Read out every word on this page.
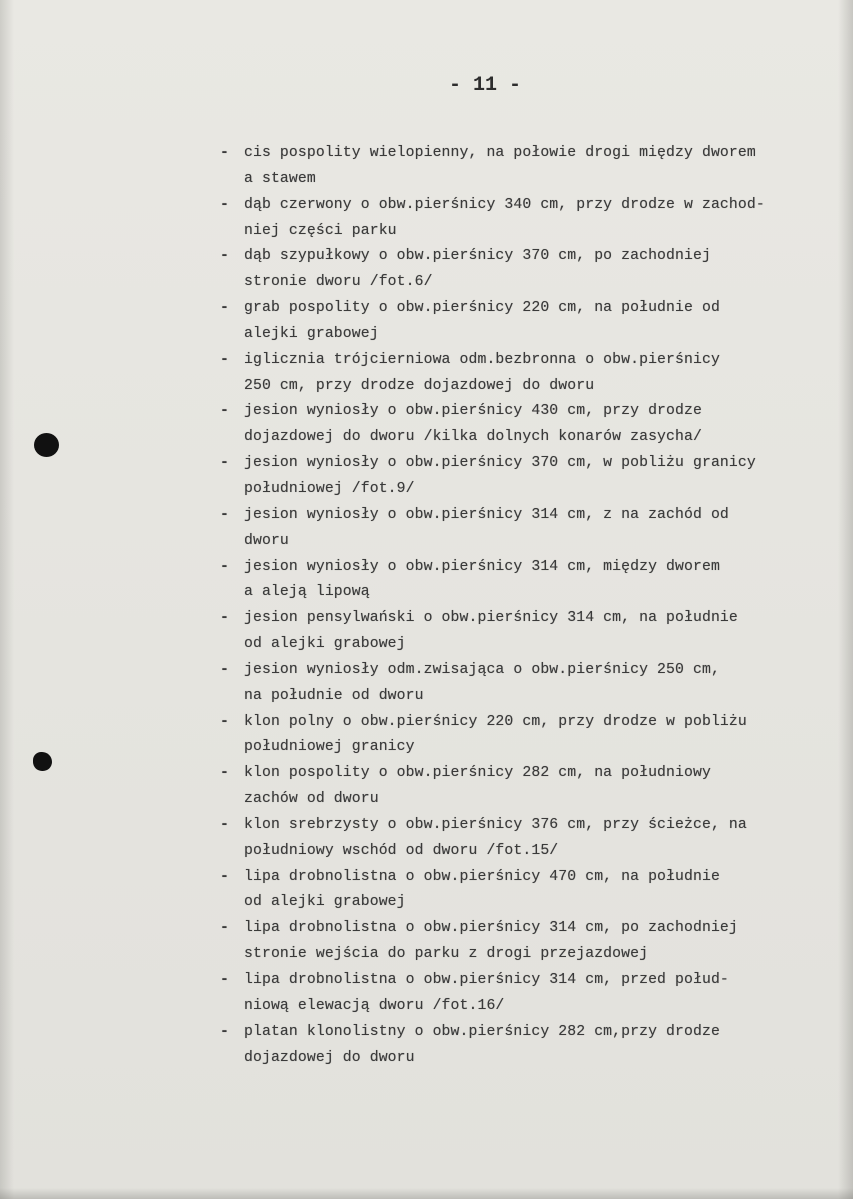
- 11 -
- cis pospolity wielopienny, na połowie drogi między dworem
a stawem
- dąb czerwony o obw.pierśnicy 340 cm, przy drodze w zachod-
niej części parku
- dąb szypułkowy o obw.pierśnicy 370 cm, po zachodniej
stronie dworu /fot.6/
- grab pospolity o obw.pierśnicy 220 cm, na południe od
alejki grabowej
- iglicznia trójcierniowa odm.bezbronna o obw.pierśnicy
250 cm, przy drodze dojazdowej do dworu
- jesion wyniosły o obw.pierśnicy 430 cm, przy drodze
dojazdowej do dworu /kilka dolnych konarów zasycha/
- jesion wyniosły o obw.pierśnicy 370 cm, w pobliżu granicy
południowej /fot.9/
- jesion wyniosły o obw.pierśnicy 314 cm, z na zachód od
dworu
- jesion wyniosły o obw.pierśnicy 314 cm, między dworem
a aleją lipową
- jesion pensylwański o obw.pierśnicy 314 cm, na południe
od alejki grabowej
- jesion wyniosły odm.zwisająca o obw.pierśnicy 250 cm,
na południe od dworu
- klon polny o obw.pierśnicy 220 cm, przy drodze w pobliżu
południowej granicy
- klon pospolity o obw.pierśnicy 282 cm, na południowy
zachów od dworu
- klon srebrzysty o obw.pierśnicy 376 cm, przy ścieżce, na
południowy wschód od dworu /fot.15/
- lipa drobnolistna o obw.pierśnicy 470 cm, na południe
od alejki grabowej
- lipa drobnolistna o obw.pierśnicy 314 cm, po zachodniej
stronie wejścia do parku z drogi przejazdowej
- lipa drobnolistna o obw.pierśnicy 314 cm, przed połud-
niową elewacją dworu /fot.16/
- platan klonolistny o obw.pierśnicy 282 cm,przy drodze
dojazdowej do dworu
